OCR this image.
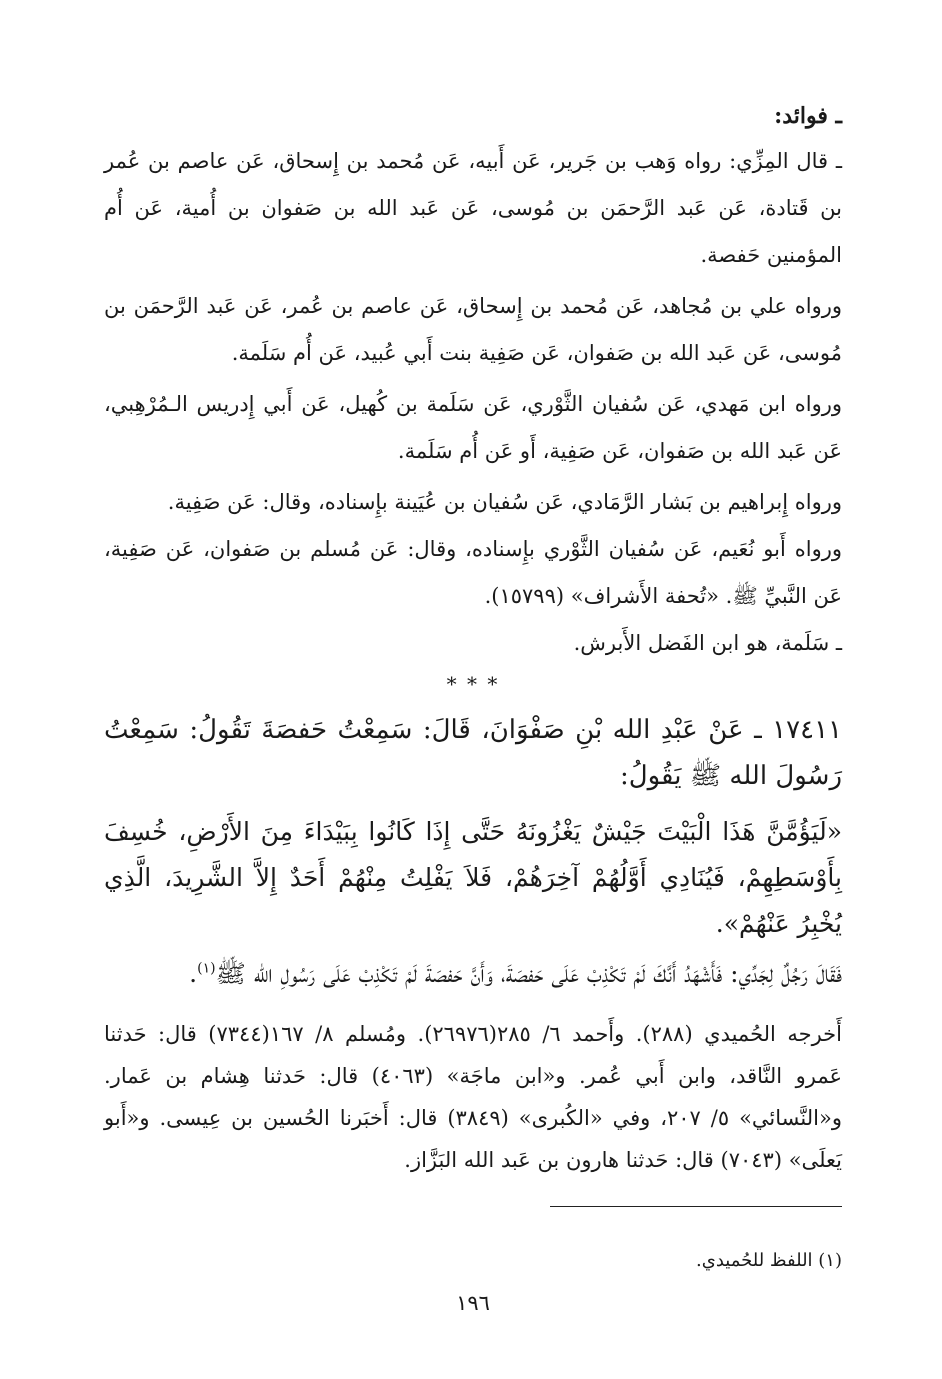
ـ فوائد:

ـ قال المِزِّي: رواه وَهب بن جَرير، عَن أَبيه، عَن مُحمد بن إِسحاق، عَن عاصم بن عُمر بن قَتادة، عَن عَبد الرَّحمَن بن مُوسى، عَن عَبد الله بن صَفوان بن أُمية، عَن أُم المؤمنين حَفصة.

ورواه علي بن مُجاهد، عَن مُحمد بن إِسحاق، عَن عاصم بن عُمر، عَن عَبد الرَّحمَن بن مُوسى، عَن عَبد الله بن صَفوان، عَن صَفِية بنت أَبي عُبيد، عَن أُم سَلَمة.

ورواه ابن مَهدي، عَن سُفيان الثَّوْري، عَن سَلَمة بن كُهيل، عَن أَبي إِدريس الـمُرْهِبي، عَن عَبد الله بن صَفوان، عَن صَفِية، أَو عَن أُم سَلَمة.

ورواه إِبراهيم بن بَشار الرَّمَادي، عَن سُفيان بن عُيَينة بإِسناده، وقال: عَن صَفِية.

ورواه أَبو نُعَيم، عَن سُفيان الثَّوْري بإِسناده، وقال: عَن مُسلم بن صَفوان، عَن صَفِية، عَن النَّبيِّ ﷺ. «تُحفة الأَشراف» (١٥٧٩٩).

ـ سَلَمة، هو ابن الفَضل الأَبرش.

* * *

١٧٤١١ ـ عَنْ عَبْدِ الله بْنِ صَفْوَانَ، قَالَ: سَمِعْتُ حَفصَةَ تَقُولُ: سَمِعْتُ رَسُولَ الله ﷺ يَقُولُ:

«لَيَؤُمَّنَّ هَذَا الْبَيْتَ جَيْشٌ يَغْزُونَهُ حَتَّى إِذَا كَانُوا بِبَيْدَاءَ مِنَ الأَرْضِ، خُسِفَ بِأَوْسَطِهِمْ، فَيُنَادِي أَوَّلُهُمْ آخِرَهُمْ، فَلاَ يَفْلِتُ مِنْهُمْ أَحَدٌ إِلاَّ الشَّرِيدَ، الَّذِي يُخْبِرُ عَنْهُمْ».

فَقَالَ رَجُلٌ لِجَدِّي: فَأَشْهَدُ أَنَّكَ لَمْ تَكْذِبْ عَلَى حَفصَةَ، وَأَنَّ حَفصَةَ لَمْ تَكْذِبْ عَلَى رَسُولِ الله ﷺ$^{(١)}$.

أَخرجه الحُميدي (٢٨٨). وأَحمد ٦/ ٢٨٥(٢٦٩٧٦). ومُسلم ٨/ ١٦٧(٧٣٤٤) قال: حَدثنا عَمرو النَّاقد، وابن أَبي عُمر. و«ابن ماجَة» (٤٠٦٣) قال: حَدثنا هِشام بن عَمار. و«النَّسائي» ٥/ ٢٠٧، وفي «الكُبرى» (٣٨٤٩) قال: أَخبَرنا الحُسين بن عِيسى. و«أَبو يَعلَى» (٧٠٤٣) قال: حَدثنا هارون بن عَبد الله البَزَّاز.

(١) اللفظ للحُميدي.

١٩٦
